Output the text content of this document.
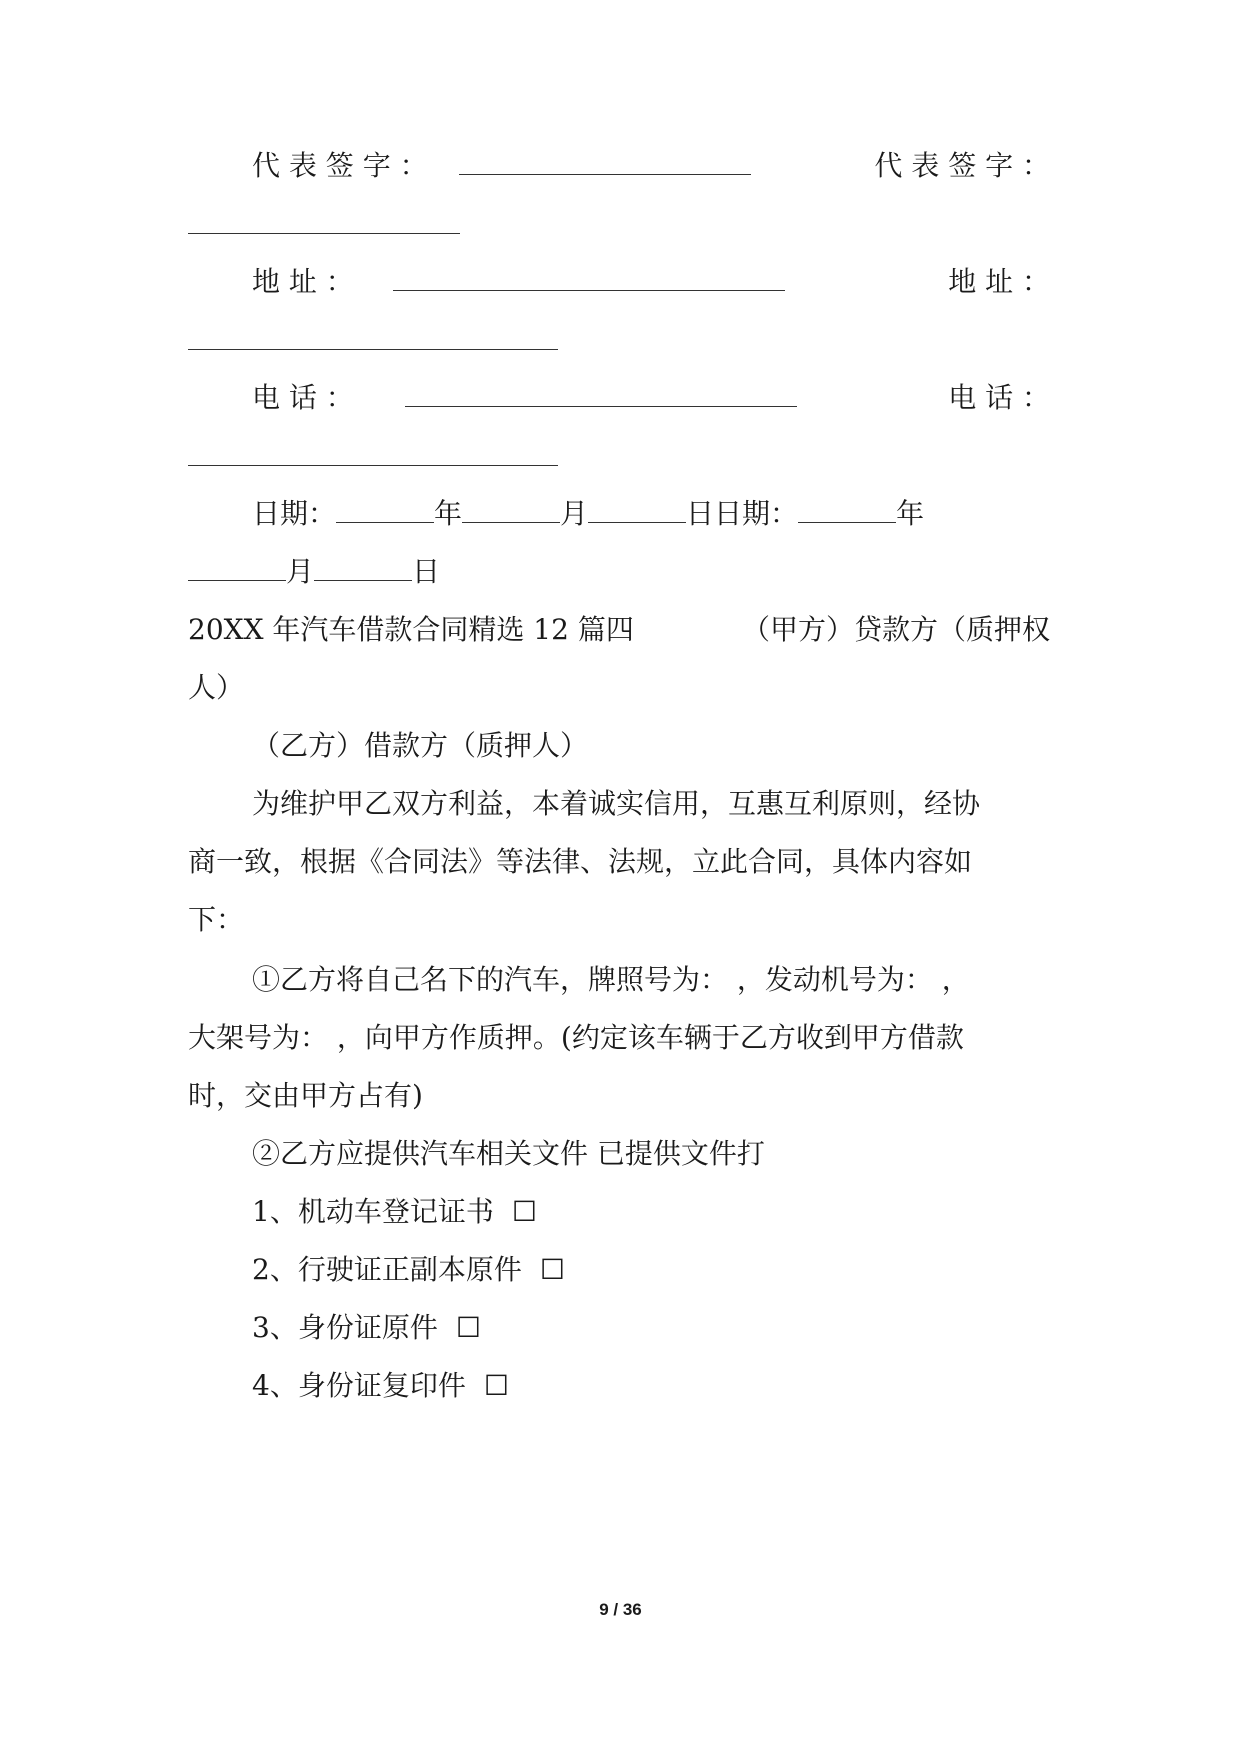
代 表 签 字 ：	代 表 签 字 ：
地 址 ：	地 址 ：
电 话 ：	电 话 ：
日期：	年	月	日日期：	年
月	日
20XX 年汽车借款合同精选 12 篇四	（甲方）贷款方（质押权
人）
（乙方）借款方（质押人）
为维护甲乙双方利益，本着诚实信用，互惠互利原则，经协
商一致，根据《合同法》等法律、法规，立此合同，具体内容如
下：
①乙方将自己名下的汽车，牌照号为： ，发动机号为： ，
大架号为： ，向甲方作质押。(约定该车辆于乙方收到甲方借款
时，交由甲方占有)
②乙方应提供汽车相关文件 已提供文件打
1、机动车登记证书 ☐
2、行驶证正副本原件 ☐
3、身份证原件 ☐
4、身份证复印件 ☐
9 / 36
